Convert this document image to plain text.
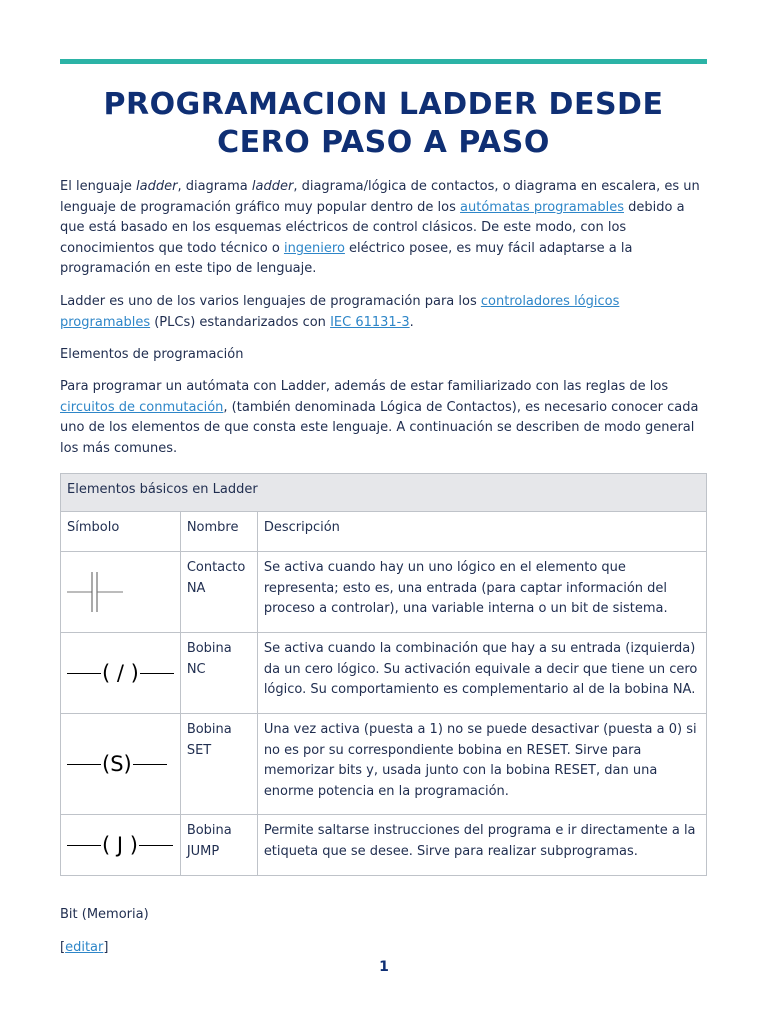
PROGRAMACION LADDER DESDE CERO PASO A PASO

El lenguaje ladder, diagrama ladder, diagrama/lógica de contactos, o diagrama en escalera, es un lenguaje de programación gráfico muy popular dentro de los autómatas programables debido a que está basado en los esquemas eléctricos de control clásicos. De este modo, con los conocimientos que todo técnico o ingeniero eléctrico posee, es muy fácil adaptarse a la programación en este tipo de lenguaje.

Ladder es uno de los varios lenguajes de programación para los controladores lógicos programables (PLCs) estandarizados con IEC 61131-3.

Elementos de programación

Para programar un autómata con Ladder, además de estar familiarizado con las reglas de los circuitos de conmutación, (también denominada Lógica de Contactos), es necesario conocer cada uno de los elementos de que consta este lenguaje. A continuación se describen de modo general los más comunes.

Elementos básicos en Ladder		
Símbolo	Nombre	Descripción

	Contacto NA	Se activa cuando hay un uno lógico en el elemento que representa; esto es, una entrada (para captar información del proceso a controlar), una variable interna o un bit de sistema.

( / )	Bobina NC	Se activa cuando la combinación que hay a su entrada (izquierda) da un cero lógico. Su activación equivale a decir que tiene un cero lógico. Su comportamiento es complementario al de la bobina NA.

(S)	Bobina SET	Una vez activa (puesta a 1) no se puede desactivar (puesta a 0) si no es por su correspondiente bobina en RESET. Sirve para memorizar bits y, usada junto con la bobina RESET, dan una enorme potencia en la programación.

( J )	Bobina JUMP	Permite saltarse instrucciones del programa e ir directamente a la etiqueta que se desee. Sirve para realizar subprogramas.

Bit (Memoria)

[editar]

1
